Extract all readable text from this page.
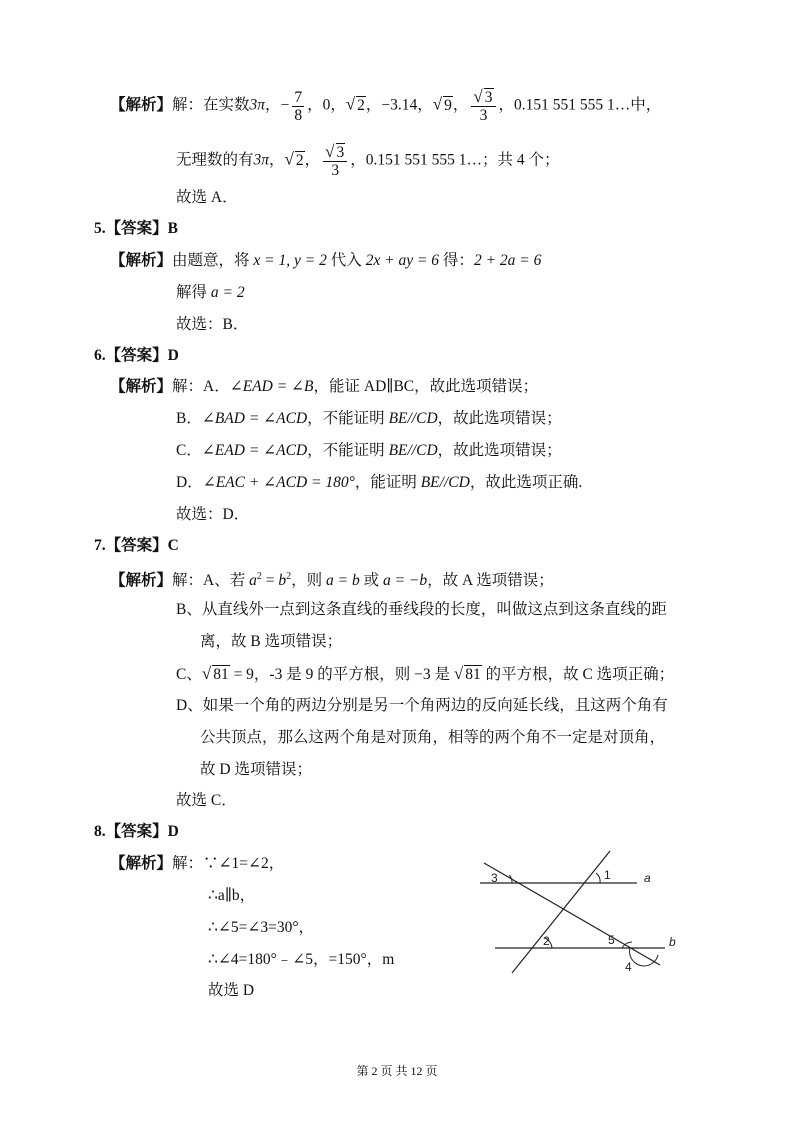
【解析】解：在实数3π，− $\frac{7}{8}$ ，0，√ 2，−3.14，√ 9， $\frac{√ 3}{3}$ ，0.151 551 555 1…中，
无理数的有3π，√ 2， $\frac{√ 3}{3}$ ，0.151 551 555 1…；共 4 个；
故选 A．
5.【答案】B
【解析】由题意，将 x = 1, y = 2 代入 2x + ay = 6 得：2 + 2a = 6
解得 a = 2
故选：B．
6.【答案】D
【解析】解：A．∠EAD = ∠B，能证 AD∥BC，故此选项错误；
B．∠BAD = ∠ACD，不能证明 BE//CD，故此选项错误；
C．∠EAD = ∠ACD，不能证明 BE//CD，故此选项错误；
D．∠EAC + ∠ACD = 180°，能证明 BE//CD，故此选项正确.
故选：D．
7.【答案】C
【解析】解：A、若 $a^2 = b^2$，则 a = b 或 a = −b，故 A 选项错误；
B、从直线外一点到这条直线的垂线段的长度，叫做这点到这条直线的距
离，故 B 选项错误；
C、√ 81 = 9，-3 是 9 的平方根，则 −3 是 √ 81 的平方根，故 C 选项正确；
D、如果一个角的两边分别是另一个角两边的反向延长线，且这两个角有
公共顶点，那么这两个角是对顶角，相等的两个角不一定是对顶角，
故 D 选项错误；
故选 C．
8.【答案】D
【解析】解：∵∠1=∠2，
∴a∥b，
∴∠5=∠3=30°，
∴∠4=180°﹣∠5，=150°，m
故选 D
1
2
3
4
5
a
b
第 2 页 共 12 页
